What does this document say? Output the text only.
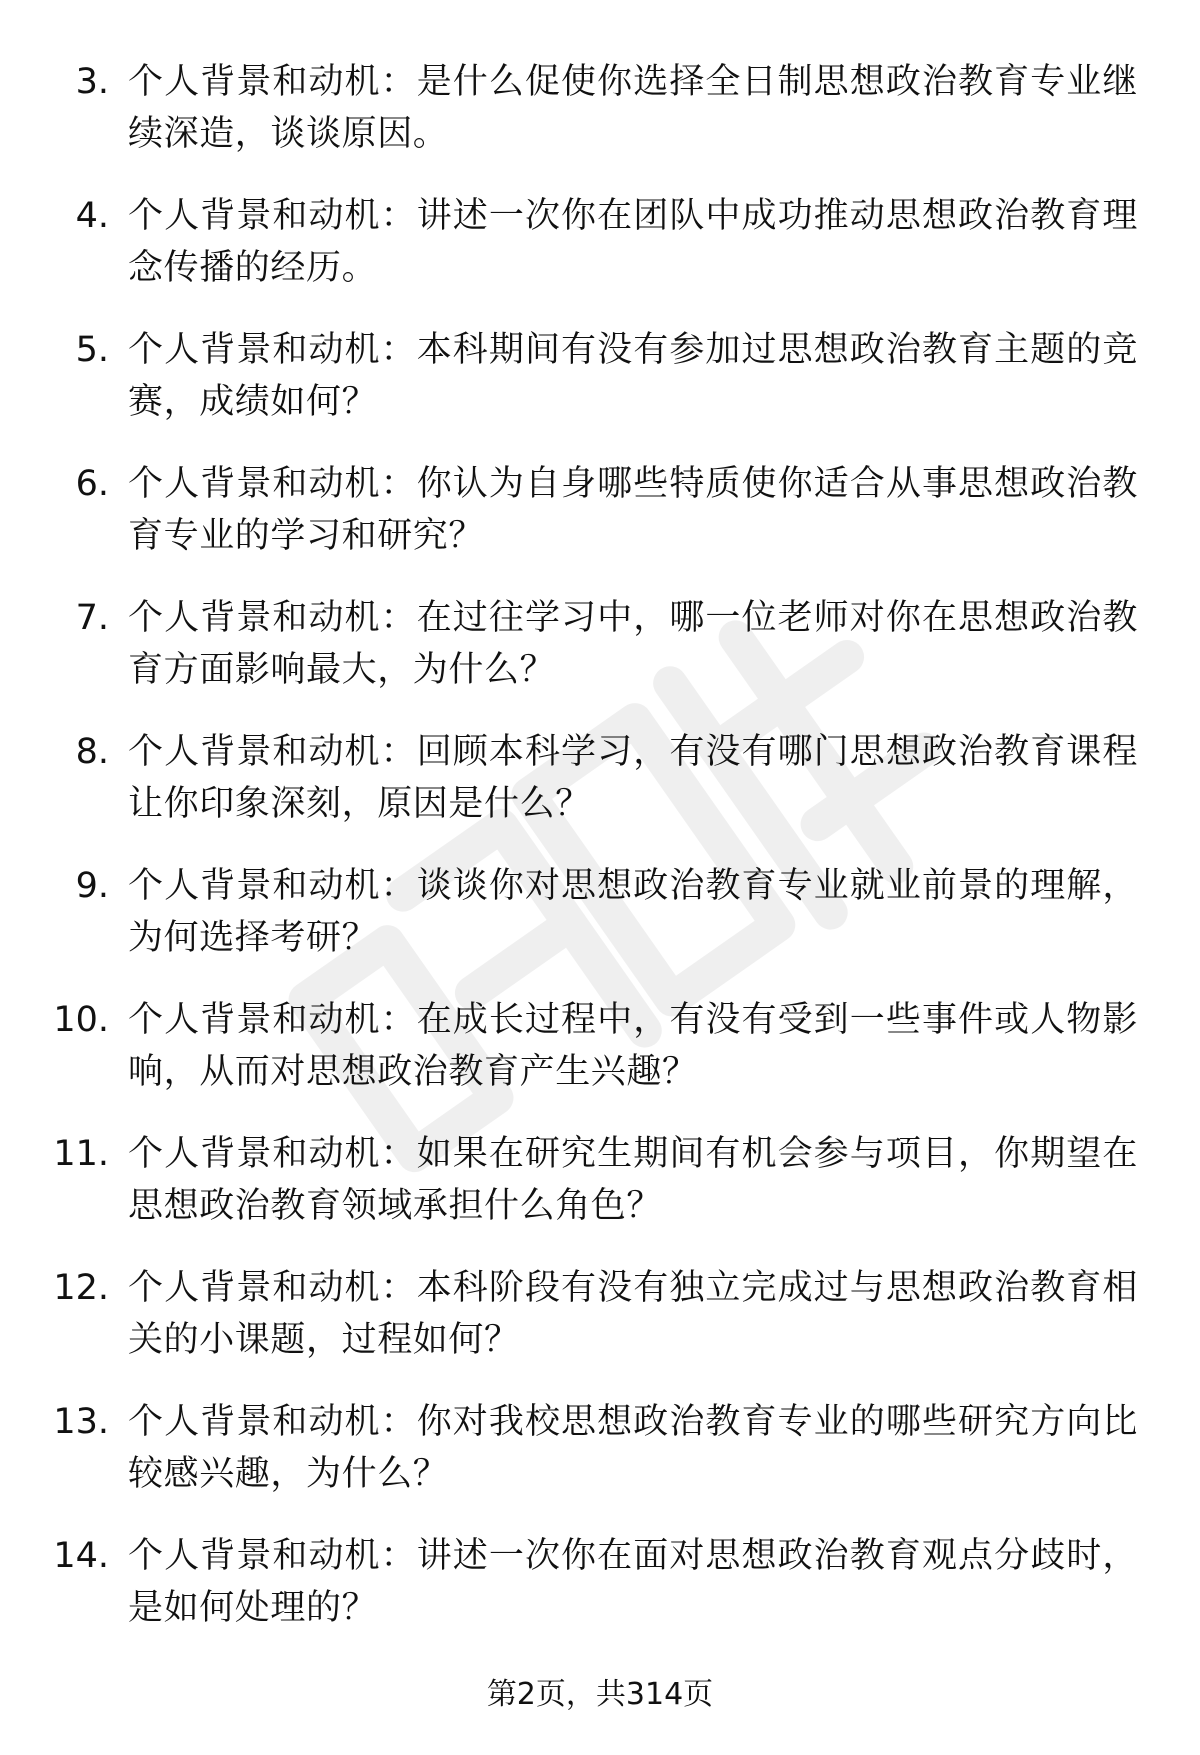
3. 个人背景和动机：是什么促使你选择全日制思想政治教育专业继续深造，谈谈原因。
4. 个人背景和动机：讲述一次你在团队中成功推动思想政治教育理念传播的经历。
5. 个人背景和动机：本科期间有没有参加过思想政治教育主题的竞赛，成绩如何？
6. 个人背景和动机：你认为自身哪些特质使你适合从事思想政治教育专业的学习和研究？
7. 个人背景和动机：在过往学习中，哪一位老师对你在思想政治教育方面影响最大，为什么？
8. 个人背景和动机：回顾本科学习，有没有哪门思想政治教育课程让你印象深刻，原因是什么？
9. 个人背景和动机：谈谈你对思想政治教育专业就业前景的理解，为何选择考研？
10. 个人背景和动机：在成长过程中，有没有受到一些事件或人物影响，从而对思想政治教育产生兴趣？
11. 个人背景和动机：如果在研究生期间有机会参与项目，你期望在思想政治教育领域承担什么角色？
12. 个人背景和动机：本科阶段有没有独立完成过与思想政治教育相关的小课题，过程如何？
13. 个人背景和动机：你对我校思想政治教育专业的哪些研究方向比较感兴趣，为什么？
14. 个人背景和动机：讲述一次你在面对思想政治教育观点分歧时，是如何处理的？
第2页，共314页
